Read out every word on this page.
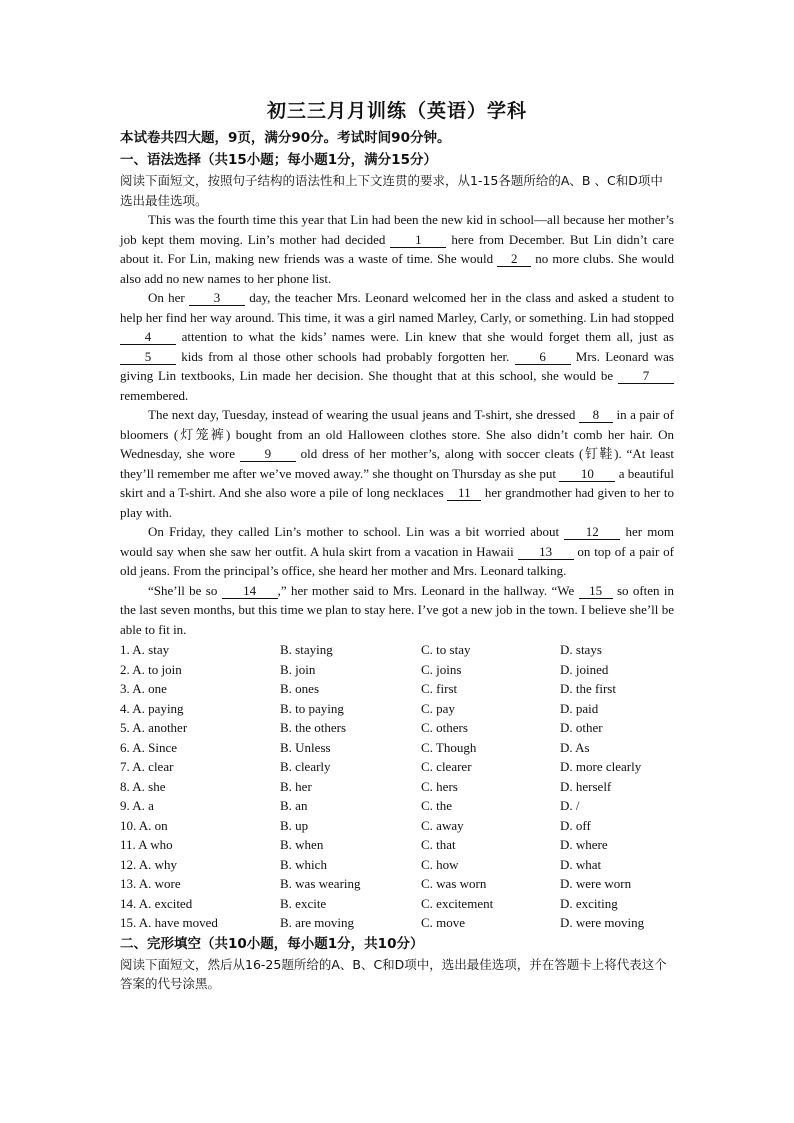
初三三月月训练（英语）学科
本试卷共四大题，9页，满分90分。考试时间90分钟。
一、语法选择（共15小题；每小题1分，满分15分）
阅读下面短文，按照句子结构的语法性和上下文连贯的要求，从1-15各题所给的A、B 、C和D项中选出最佳选项。

This was the fourth time this year that Lin had been the new kid in school—all because her mother’s job kept them moving. Lin’s mother had decided 1 here from December. But Lin didn’t care about it. For Lin, making new friends was a waste of time. She would 2 no more clubs. She would also add no new names to her phone list.

On her 3 day, the teacher Mrs. Leonard welcomed her in the class and asked a student to help her find her way around. This time, it was a girl named Marley, Carly, or something. Lin had stopped 4 attention to what the kids’ names were. Lin knew that she would forget them all, just as 5 kids from al those other schools had probably forgotten her. 6 Mrs. Leonard was giving Lin textbooks, Lin made her decision. She thought that at this school, she would be 7 remembered.

The next day, Tuesday, instead of wearing the usual jeans and T-shirt, she dressed 8 in a pair of bloomers (灯笼裤) bought from an old Halloween clothes store. She also didn’t comb her hair. On Wednesday, she wore 9 old dress of her mother’s, along with soccer cleats (钉鞋). “At least they’ll remember me after we’ve moved away.” she thought on Thursday as she put 10 a beautiful skirt and a T-shirt. And she also wore a pile of long necklaces 11 her grandmother had given to her to play with.

On Friday, they called Lin’s mother to school. Lin was a bit worried about 12 her mom would say when she saw her outfit. A hula skirt from a vacation in Hawaii 13 on top of a pair of old jeans. From the principal’s office, she heard her mother and Mrs. Leonard talking.

“She’ll be so 14 ,” her mother said to Mrs. Leonard in the hallway. “We 15 so often in the last seven months, but this time we plan to stay here. I’ve got a new job in the town. I believe she’ll be able to fit in.

1. A. stay	B. staying	C. to stay	D. stays
2. A. to join	B. join	C. joins	D. joined
3. A. one	B. ones	C. first	D. the first
4. A. paying	B. to paying	C. pay	D. paid
5. A. another	B. the others	C. others	D. other
6. A. Since	B. Unless	C. Though	D. As
7. A. clear	B. clearly	C. clearer	D. more clearly
8. A. she	B. her	C. hers	D. herself
9. A. a	B. an	C. the	D. /
10. A. on	B. up	C. away	D. off
11. A who	B. when	C. that	D. where
12. A. why	B. which	C. how	D. what
13. A. wore	B. was wearing	C. was worn	D. were worn
14. A. excited	B. excite	C. excitement	D. exciting
15. A. have moved	B. are moving	C. move	D. were moving
二、完形填空（共10小题，每小题1分，共10分）
阅读下面短文，然后从16-25题所给的A、B、C和D项中，选出最佳选项，并在答题卡上将代表这个答案的代号涂黑。
